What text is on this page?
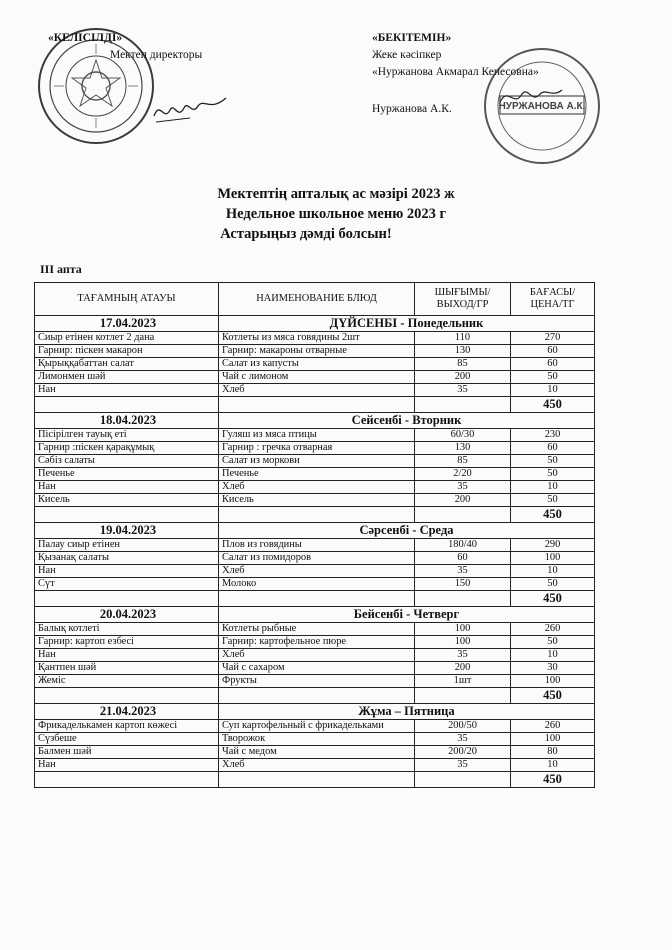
«КЕЛІСІЛДІ»
Мектеп директоры
«БЕКІТЕМІН»
Жеке кәсіпкер
«Нуржанова Акмарал Кенесовна»
Нуржанова А.К.	НУРЖАНОВА А.К.
Мектептің апталық ас мәзірі 2023 ж
Недельное школьное меню 2023 г
Астарыңыз дәмді болсын!
III апта
ТАҒАМНЫҢ АТАУЫ	НАИМЕНОВАНИЕ БЛЮД	ШЫҒЫМЫ/ ВЫХОД/ГР	БАҒАСЫ/ ЦЕНА/ТГ
17.04.2023	ДҮЙСЕНБІ - Понедельник		
Сиыр етінен котлет 2 дана	Котлеты из мяса говядины 2шт	110	270
Гарнир: піскен макарон	Гарнир: макароны отварные	130	60
Қырыққабаттан салат	Салат из капусты	85	60
Лимонмен шәй	Чай с лимоном	200	50
Нан	Хлеб	35	10
			450
18.04.2023	Сейсенбі - Вторник		
Пісірілген тауық еті	Гуляш из мяса птицы	60/30	230
Гарнир :піскен қарақұмық	Гарнир : гречка отварная	130	60
Сәбіз салаты	Салат из моркови	85	50
Печенье	Печенье	2/20	50
Нан	Хлеб	35	10
Кисель	Кисель	200	50
			450
19.04.2023	Сәрсенбі - Среда		
Палау сиыр етінен	Плов из говядины	180/40	290
Қызанақ салаты	Салат из помидоров	60	100
Нан	Хлеб	35	10
Сүт	Молоко	150	50
			450
20.04.2023	Бейсенбі - Четверг		
Балық котлеті	Котлеты рыбные	100	260
Гарнир: картоп езбесі	Гарнир: картофельное пюре	100	50
Нан	Хлеб	35	10
Қантпен шәй	Чай с сахаром	200	30
Жеміс	Фрукты	1шт	100
			450
21.04.2023	Жұма – Пятница		
Фрикаделькамен картоп көжесі	Суп картофельный с фрикадельками	200/50	260
Сүзбеше	Творожок	35	100
Балмен шәй	Чай с медом	200/20	80
Нан	Хлеб	35	10
			450
